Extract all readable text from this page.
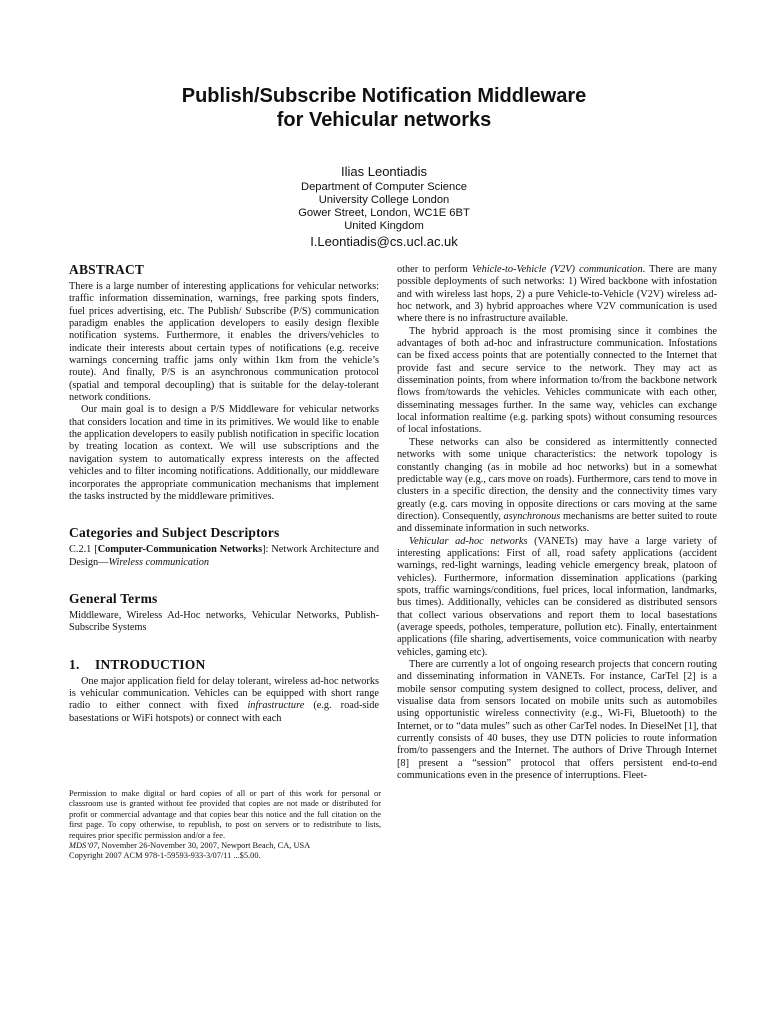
Publish/Subscribe Notification Middleware
for Vehicular networks

Ilias Leontiadis

Department of Computer Science

University College London

Gower Street, London, WC1E 6BT

United Kingdom

I.Leontiadis@cs.ucl.ac.uk

ABSTRACT

There is a large number of interesting applications for vehicular networks: traffic information dissemination, warnings, free parking spots finders, fuel prices advertising, etc. The Publish/ Subscribe (P/S) communication paradigm enables the application developers to easily design flexible notification systems. Furthermore, it enables the drivers/vehicles to indicate their interests about certain types of notifications (e.g. receive warnings concerning traffic jams only within 1km from the vehicle’s route). And finally, P/S is an asynchronous communication protocol (spatial and temporal decoupling) that is suitable for the delay-tolerant network conditions.

Our main goal is to design a P/S Middleware for vehicular networks that considers location and time in its primitives. We would like to enable the application developers to easily publish notification in specific location by treating location as context. We will use subscriptions and the navigation system to automatically express interests on the affected vehicles and to filter incoming notifications. Additionally, our middleware incorporates the appropriate communication mechanisms that implement the tasks instructed by the middleware primitives.

Categories and Subject Descriptors

C.2.1 [Computer-Communication Networks]: Network Architecture and Design—Wireless communication

General Terms

Middleware, Wireless Ad-Hoc networks, Vehicular Networks, Publish-Subscribe Systems

1. INTRODUCTION

One major application field for delay tolerant, wireless ad-hoc networks is vehicular communication. Vehicles can be equipped with short range radio to either connect with fixed infrastructure (e.g. road-side basestations or WiFi hotspots) or connect with each

Permission to make digital or hard copies of all or part of this work for personal or classroom use is granted without fee provided that copies are not made or distributed for profit or commercial advantage and that copies bear this notice and the full citation on the first page. To copy otherwise, to republish, to post on servers or to redistribute to lists, requires prior specific permission and/or a fee.

MDS’07, November 26-November 30, 2007, Newport Beach, CA, USA

Copyright 2007 ACM 978-1-59593-933-3/07/11 ...$5.00.

other to perform Vehicle-to-Vehicle (V2V) communication. There are many possible deployments of such networks: 1) Wired backbone with infostation and with wireless last hops, 2) a pure Vehicle-to-Vehicle (V2V) wireless ad-hoc network, and 3) hybrid approaches where V2V communication is used where there is no infrastructure available.

The hybrid approach is the most promising since it combines the advantages of both ad-hoc and infrastructure communication. Infostations can be fixed access points that are potentially connected to the Internet that provide fast and secure service to the network. They may act as dissemination points, from where information to/from the backbone network flows from/towards the vehicles. Vehicles communicate with each other, disseminating messages further. In the same way, vehicles can exchange local information realtime (e.g. parking spots) without consuming resources of local infostations.

These networks can also be considered as intermittently connected networks with some unique characteristics: the network topology is constantly changing (as in mobile ad hoc networks) but in a somewhat predictable way (e.g., cars move on roads). Furthermore, cars tend to move in clusters in a specific direction, the density and the connectivity times vary greatly (e.g. cars moving in opposite directions or cars moving at the same direction). Consequently, asynchronous mechanisms are better suited to route and disseminate information in such networks.

Vehicular ad-hoc networks (VANETs) may have a large variety of interesting applications: First of all, road safety applications (accident warnings, red-light warnings, leading vehicle emergency break, platoon of vehicles). Furthermore, information dissemination applications (parking spots, traffic warnings/conditions, fuel prices, local information, landmarks, bus times). Additionally, vehicles can be considered as distributed sensors that collect various observations and report them to local basestations (average speeds, potholes, temperature, pollution etc). Finally, entertainment applications (file sharing, advertisements, voice communication with nearby vehicles, gaming etc).

There are currently a lot of ongoing research projects that concern routing and disseminating information in VANETs. For instance, CarTel [2] is a mobile sensor computing system designed to collect, process, deliver, and visualise data from sensors located on mobile units such as automobiles using opportunistic wireless connectivity (e.g., Wi-Fi, Bluetooth) to the Internet, or to “data mules” such as other CarTel nodes. In DieselNet [1], that currently consists of 40 buses, they use DTN policies to route information from/to passengers and the Internet. The authors of Drive Through Internet [8] present a “session” protocol that offers persistent end-to-end communications even in the presence of interruptions. Fleet-
